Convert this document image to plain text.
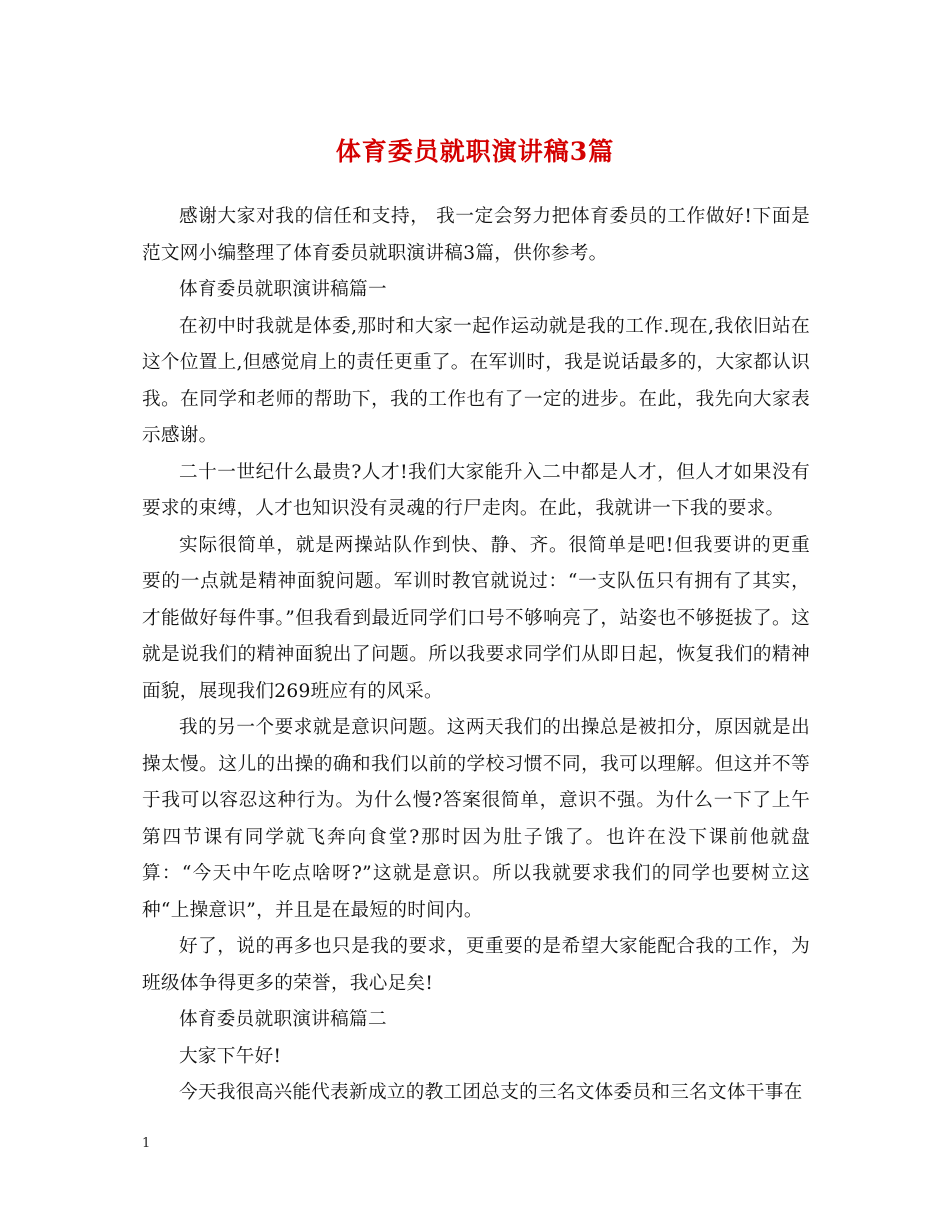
体育委员就职演讲稿3篇

感谢大家对我的信任和支持， 我一定会努力把体育委员的工作做好!下面是范文网小编整理了体育委员就职演讲稿3篇，供你参考。

体育委员就职演讲稿篇一

在初中时我就是体委,那时和大家一起作运动就是我的工作.现在,我依旧站在这个位置上,但感觉肩上的责任更重了。在军训时，我是说话最多的，大家都认识我。在同学和老师的帮助下，我的工作也有了一定的进步。在此，我先向大家表示感谢。

二十一世纪什么最贵?人才!我们大家能升入二中都是人才，但人才如果没有要求的束缚，人才也知识没有灵魂的行尸走肉。在此，我就讲一下我的要求。

实际很简单，就是两操站队作到快、静、齐。很简单是吧!但我要讲的更重要的一点就是精神面貌问题。军训时教官就说过：“一支队伍只有拥有了其实，才能做好每件事。”但我看到最近同学们口号不够响亮了，站姿也不够挺拔了。这就是说我们的精神面貌出了问题。所以我要求同学们从即日起，恢复我们的精神面貌，展现我们269班应有的风采。

我的另一个要求就是意识问题。这两天我们的出操总是被扣分，原因就是出操太慢。这儿的出操的确和我们以前的学校习惯不同，我可以理解。但这并不等于我可以容忍这种行为。为什么慢?答案很简单，意识不强。为什么一下了上午第四节课有同学就飞奔向食堂?那时因为肚子饿了。也许在没下课前他就盘算：“今天中午吃点啥呀?”这就是意识。所以我就要求我们的同学也要树立这种“上操意识”，并且是在最短的时间内。

好了，说的再多也只是我的要求，更重要的是希望大家能配合我的工作，为班级体争得更多的荣誉，我心足矣!

体育委员就职演讲稿篇二

大家下午好!

今天我很高兴能代表新成立的教工团总支的三名文体委员和三名文体干事在

1
